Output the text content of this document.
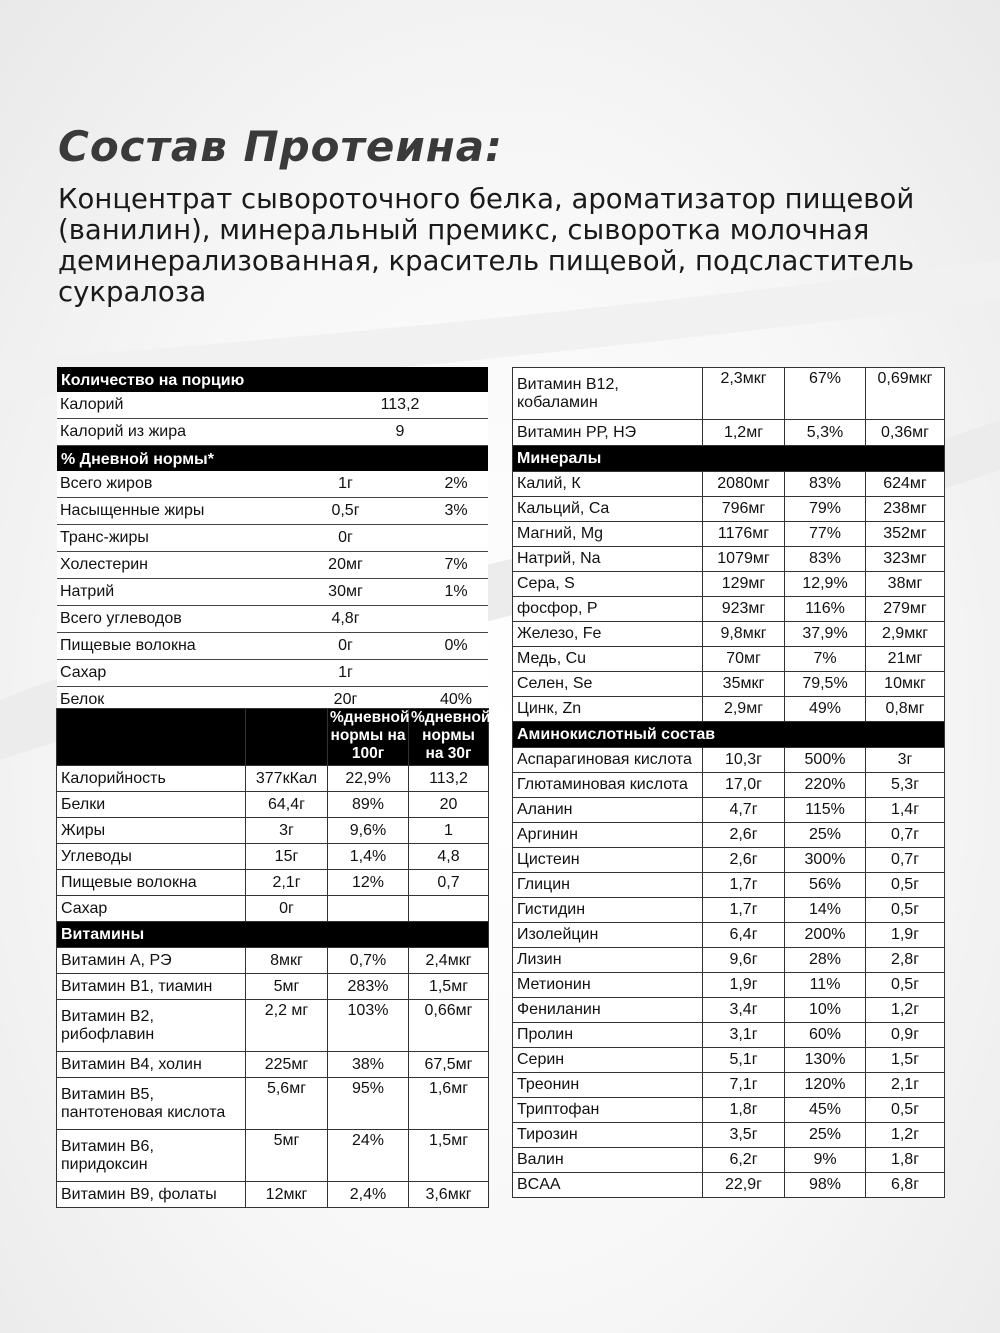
Состав Протеина:

Концентрат сывороточного белка, ароматизатор пищевой (ванилин), минеральный премикс, сыворотка молочная деминерализованная, краситель пищевой, подсластитель сукралоза

Количество на порцию
Калорий	113,2
Калорий из жира	9
% Дневной нормы*
Всего жиров	1г	2%
Насыщенные жиры	0,5г	3%
Транс-жиры	0г
Холестерин	20мг	7%
Натрий	30мг	1%
Всего углеводов	4,8г
Пищевые волокна	0г	0%
Сахар	1г
Белок	20г	40%
		%дневной нормы на 100г	%дневной нормы на 30г
Калорийность	377кКал	22,9%	113,2
Белки	64,4г	89%	20
Жиры	3г	9,6%	1
Углеводы	15г	1,4%	4,8
Пищевые волокна	2,1г	12%	0,7
Сахар	0г		
Витамины			
Витамин А, РЭ	8мкг	0,7%	2,4мкг
Витамин В1, тиамин	5мг	283%	1,5мг
Витамин В2, рибофлавин	2,2 мг	103%	0,66мг
Витамин В4, холин	225мг	38%	67,5мг
Витамин В5, пантотеновая кислота	5,6мг	95%	1,6мг
Витамин В6, пиридоксин	5мг	24%	1,5мг
Витамин В9, фолаты	12мкг	2,4%	3,6мкг
Витамин В12, кобаламин	2,3мкг	67%	0,69мкг
Витамин РР, НЭ	1,2мг	5,3%	0,36мг
Минералы			
Калий, К	2080мг	83%	624мг
Кальций, Ca	796мг	79%	238мг
Магний, Mg	1176мг	77%	352мг
Натрий, Na	1079мг	83%	323мг
Сера, S	129мг	12,9%	38мг
фосфор, P	923мг	116%	279мг
Железо, Fe	9,8мкг	37,9%	2,9мкг
Медь, Cu	70мг	7%	21мг
Селен, Se	35мкг	79,5%	10мкг
Цинк, Zn	2,9мг	49%	0,8мг
Аминокислотный состав			
Аспарагиновая кислота	10,3г	500%	3г
Глютаминовая кислота	17,0г	220%	5,3г
Аланин	4,7г	115%	1,4г
Аргинин	2,6г	25%	0,7г
Цистеин	2,6г	300%	0,7г
Глицин	1,7г	56%	0,5г
Гистидин	1,7г	14%	0,5г
Изолейцин	6,4г	200%	1,9г
Лизин	9,6г	28%	2,8г
Метионин	1,9г	11%	0,5г
Фениланин	3,4г	10%	1,2г
Пролин	3,1г	60%	0,9г
Серин	5,1г	130%	1,5г
Треонин	7,1г	120%	2,1г
Триптофан	1,8г	45%	0,5г
Тирозин	3,5г	25%	1,2г
Валин	6,2г	9%	1,8г
BCAA	22,9г	98%	6,8г
